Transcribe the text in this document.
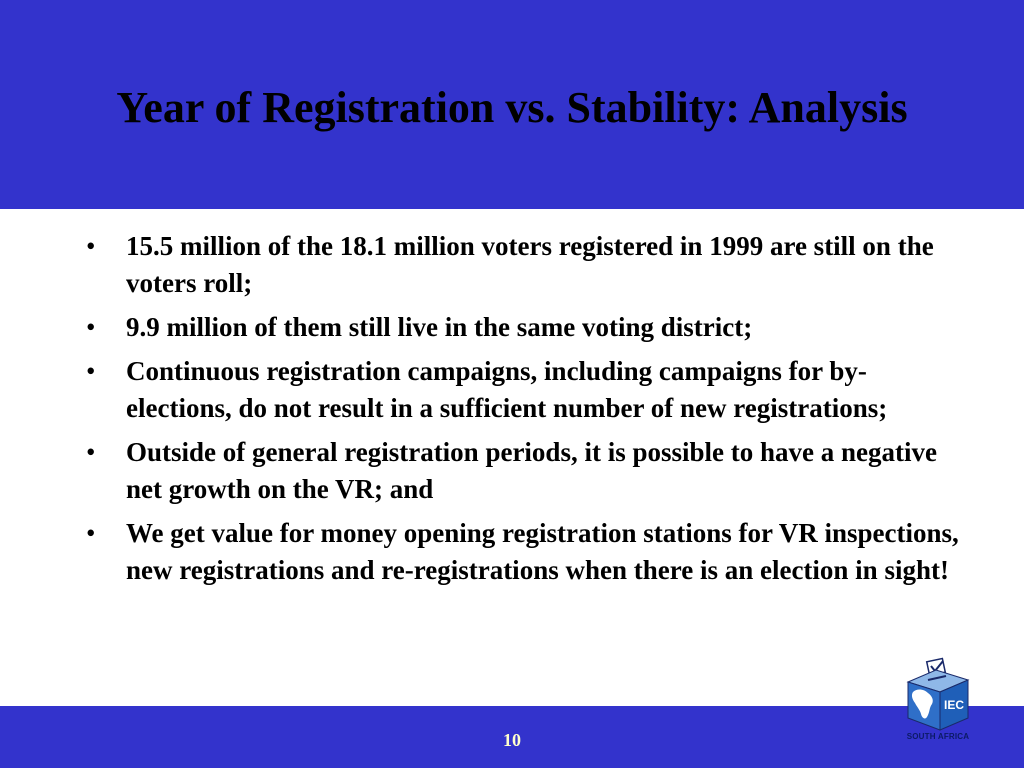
Year of Registration vs. Stability: Analysis
•	15.5 million of the 18.1 million voters registered in 1999 are still on the voters roll;
•	9.9 million of them still live in the same voting district;
•	Continuous registration campaigns, including campaigns for by-elections, do not result in a sufficient number of new registrations;
•	Outside of general registration periods, it is possible to have a negative net growth on the VR; and
•	We get value for money opening registration stations for VR inspections, new registrations and re-registrations when there is an election in sight!
10
IEC
SOUTH AFRICA
